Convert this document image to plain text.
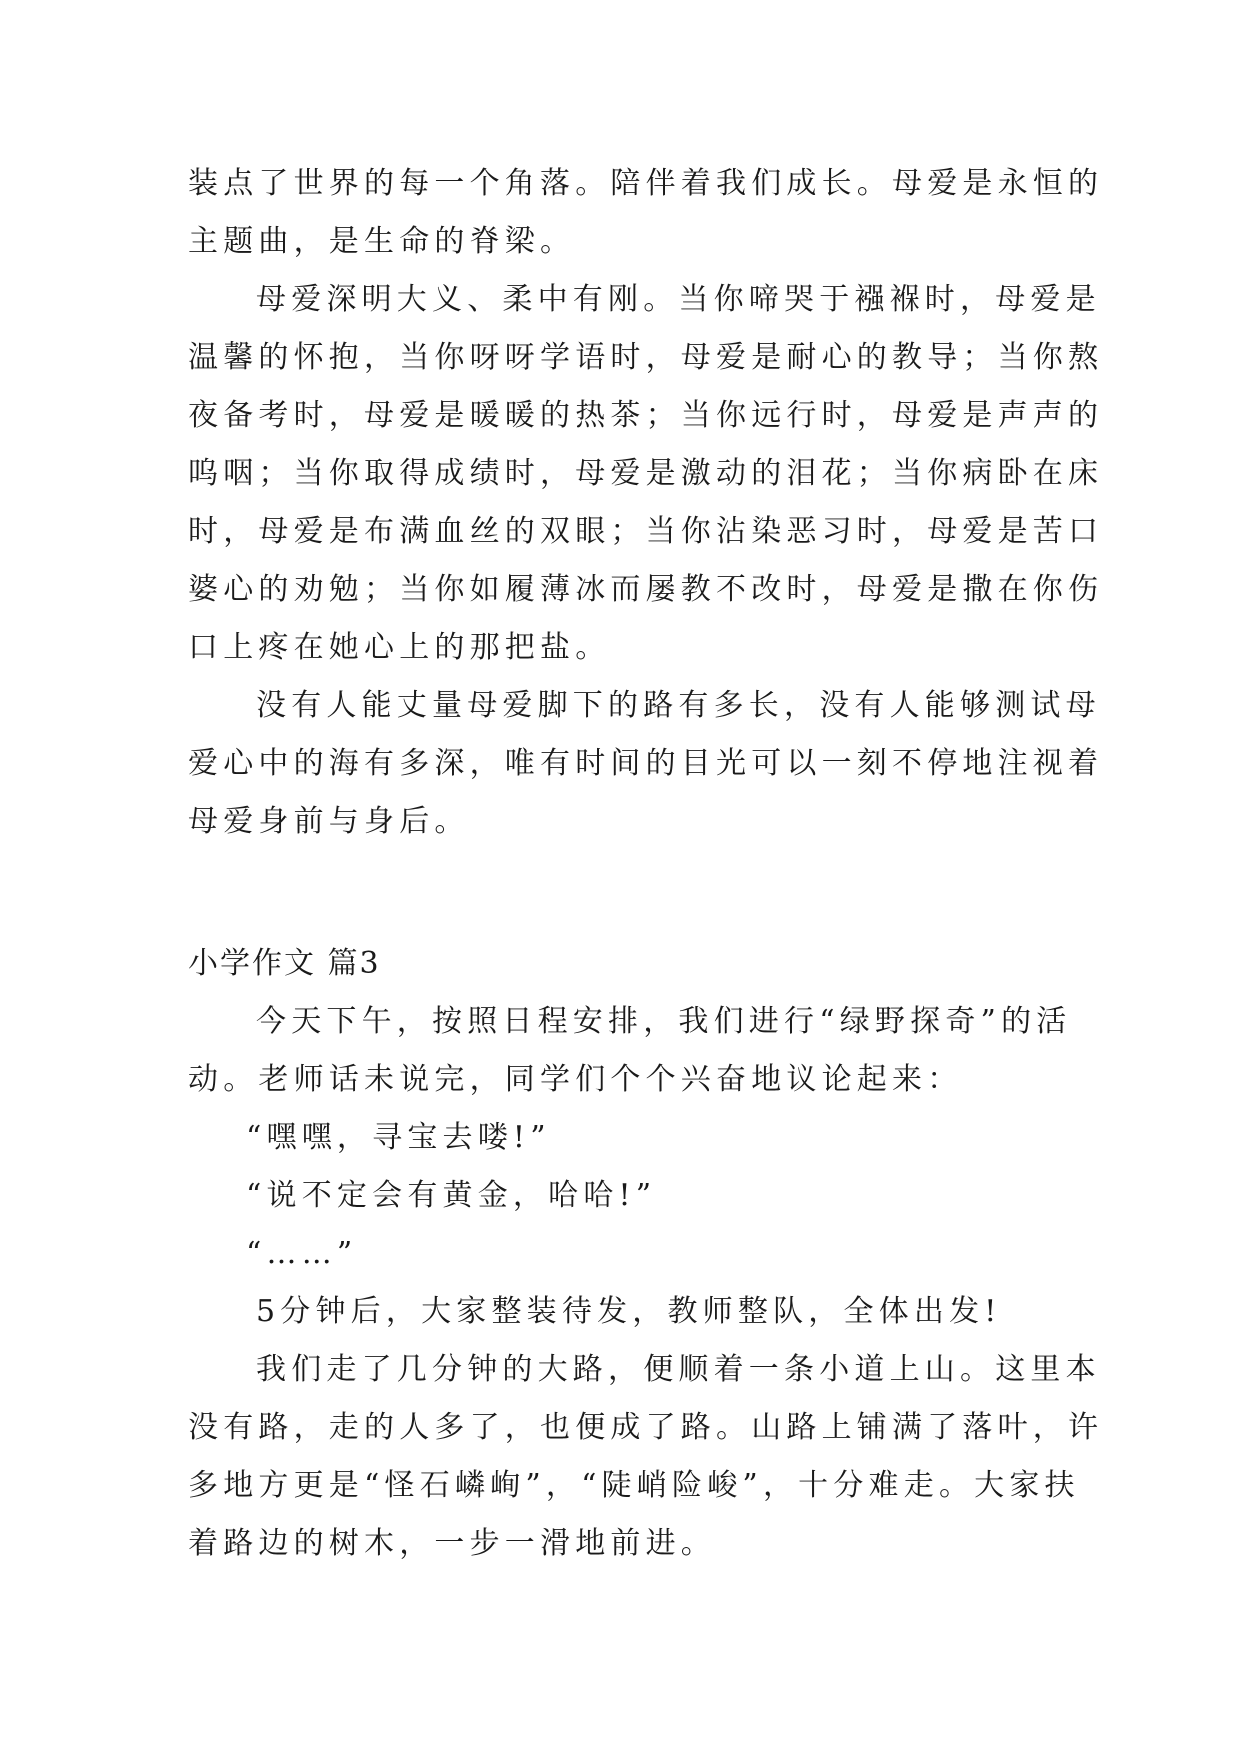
装点了世界的每一个角落。陪伴着我们成长。母爱是永恒的
主题曲，是生命的脊梁。
母爱深明大义、柔中有刚。当你啼哭于襁褓时，母爱是
温馨的怀抱，当你呀呀学语时，母爱是耐心的教导；当你熬
夜备考时，母爱是暖暖的热茶；当你远行时，母爱是声声的
呜咽；当你取得成绩时，母爱是激动的泪花；当你病卧在床
时，母爱是布满血丝的双眼；当你沾染恶习时，母爱是苦口
婆心的劝勉；当你如履薄冰而屡教不改时，母爱是撒在你伤
口上疼在她心上的那把盐。
没有人能丈量母爱脚下的路有多长，没有人能够测试母
爱心中的海有多深，唯有时间的目光可以一刻不停地注视着
母爱身前与身后。
小学作文 篇3
今天下午，按照日程安排，我们进行“绿野探奇”的活
动。老师话未说完，同学们个个兴奋地议论起来：
“嘿嘿，寻宝去喽!”
“说不定会有黄金，哈哈!”
“……”
5分钟后，大家整装待发，教师整队，全体出发!
我们走了几分钟的大路，便顺着一条小道上山。这里本
没有路，走的人多了，也便成了路。山路上铺满了落叶，许
多地方更是“怪石嶙峋”，“陡峭险峻”，十分难走。大家扶
着路边的树木，一步一滑地前进。
